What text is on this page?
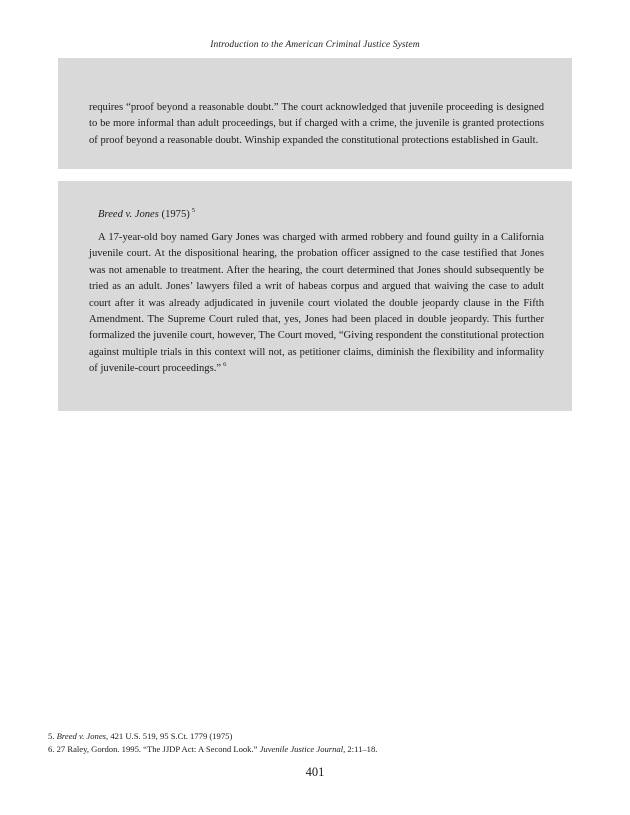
Introduction to the American Criminal Justice System

requires “proof beyond a reasonable doubt.” The court acknowledged that juvenile proceeding is designed to be more informal than adult proceedings, but if charged with a crime, the juvenile is granted protections of proof beyond a reasonable doubt. Winship expanded the constitutional protections established in Gault.

Breed v. Jones (1975) $^5$

A 17-year-old boy named Gary Jones was charged with armed robbery and found guilty in a California juvenile court. At the dispositional hearing, the probation officer assigned to the case testified that Jones was not amenable to treatment. After the hearing, the court determined that Jones should subsequently be tried as an adult. Jones’ lawyers filed a writ of habeas corpus and argued that waiving the case to adult court after it was already adjudicated in juvenile court violated the double jeopardy clause in the Fifth Amendment. The Supreme Court ruled that, yes, Jones had been placed in double jeopardy. This further formalized the juvenile court, however, The Court moved, “Giving respondent the constitutional protection against multiple trials in this context will not, as petitioner claims, diminish the flexibility and informality of juvenile-court proceedings.” $^6$

5. Breed v. Jones, 421 U.S. 519, 95 S.Ct. 1779 (1975)

6. 27 Raley, Gordon. 1995. “The JJDP Act: A Second Look.” Juvenile Justice Journal, 2:11–18.

401
